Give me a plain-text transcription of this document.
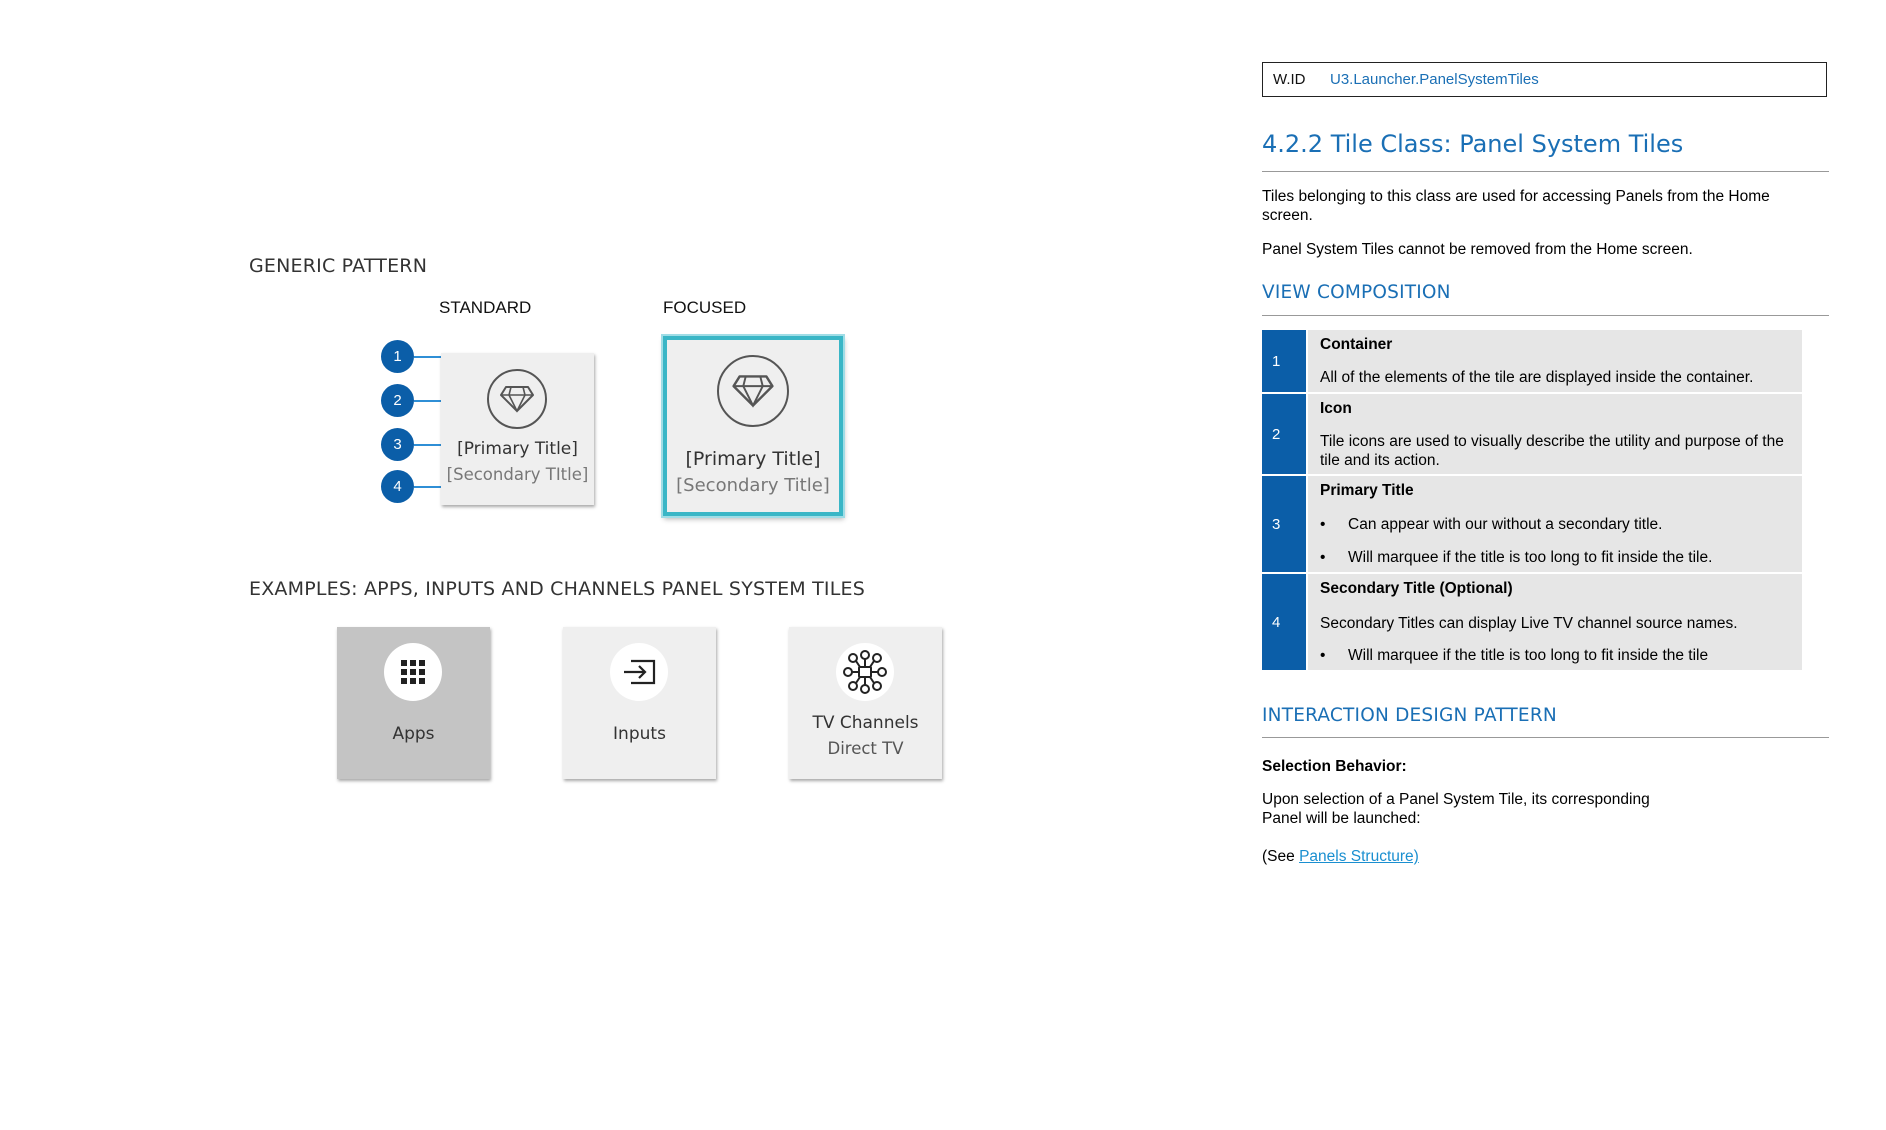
GENERIC PATTERN
STANDARD	FOCUSED
1
2
3
4
[Primary Title]
[Secondary TItle]
[Primary Title]
[Secondary Title]
EXAMPLES: APPS, INPUTS AND CHANNELS PANEL SYSTEM TILES
Apps	Inputs
TV Channels
Direct TV
W.ID	U3.Launcher.PanelSystemTiles
4.2.2 Tile Class: Panel System Tiles
Tiles belonging to this class are used for accessing Panels from the Home screen.
Panel System Tiles cannot be removed from the Home screen.
VIEW COMPOSITION
1
Container
All of the elements of the tile are displayed inside the container.
2
Icon
Tile icons are used to visually describe the utility and purpose of the tile and its action.
3
Primary Title
• Can appear with our without a secondary title.
• Will marquee if the title is too long to fit inside the tile.
4
Secondary Title (Optional)
Secondary Titles can display Live TV channel source names.
• Will marquee if the title is too long to fit inside the tile
INTERACTION DESIGN PATTERN
Selection Behavior:
Upon selection of a Panel System Tile, its corresponding
Panel will be launched:
(See Panels Structure)
